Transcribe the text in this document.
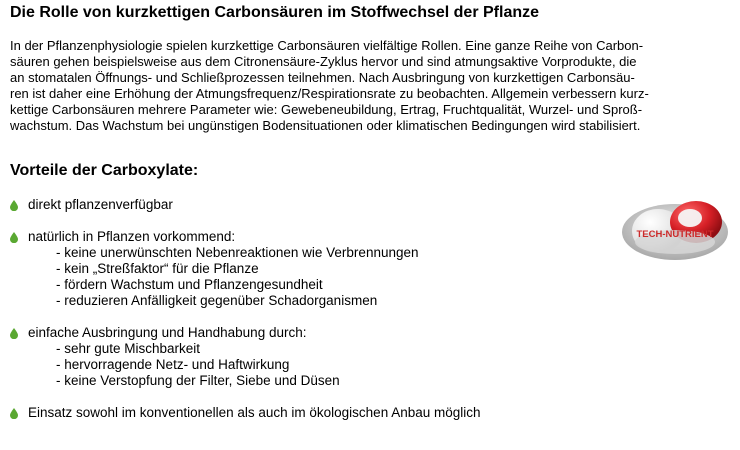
Die Rolle von kurzkettigen Carbonsäuren im Stoffwechsel der Pflanze
In der Pflanzenphysiologie spielen kurzkettige Carbonsäuren vielfältige Rollen. Eine ganze Reihe von Carbon-
säuren gehen beispielsweise aus dem Citronensäure-Zyklus hervor und sind atmungsaktive Vorprodukte, die
an stomatalen Öffnungs- und Schließprozessen teilnehmen. Nach Ausbringung von kurzkettigen Carbonsäu-
ren ist daher eine Erhöhung der Atmungsfrequenz/Respirationsrate zu beobachten. Allgemein verbessern kurz-
kettige Carbonsäuren mehrere Parameter wie: Gewebeneubildung, Ertrag, Fruchtqualität, Wurzel- und Sproß-
wachstum. Das Wachstum bei ungünstigen Bodensituationen oder klimatischen Bedingungen wird stabilisiert.
Vorteile der Carboxylate:
direkt pflanzenverfügbar
natürlich in Pflanzen vorkommend:
- keine unerwünschten Nebenreaktionen wie Verbrennungen
- kein „Streßfaktor“ für die Pflanze
- fördern Wachstum und Pflanzengesundheit
- reduzieren Anfälligkeit gegenüber Schadorganismen
einfache Ausbringung und Handhabung durch:
- sehr gute Mischbarkeit
- hervorragende Netz- und Haftwirkung
- keine Verstopfung der Filter, Siebe und Düsen
Einsatz sowohl im konventionellen als auch im ökologischen Anbau möglich
TECH-NUTRIENT
